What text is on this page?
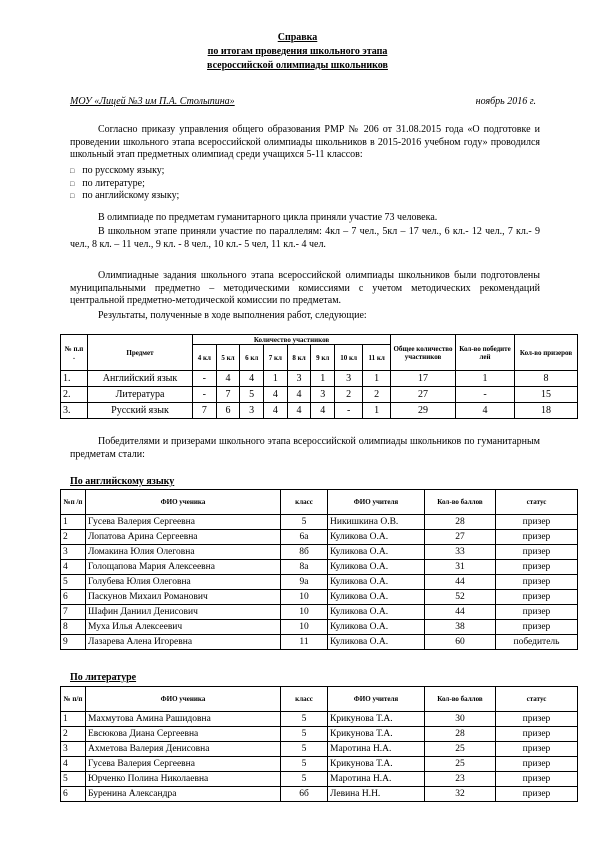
Справка
по итогам проведения школьного этапа
всероссийской олимпиады школьников
МОУ «Лицей №3 им П.А. Столыпина»	ноябрь 2016 г.
Согласно приказу управления общего образования РМР № 206 от 31.08.2015 года «О подготовке и проведении школьного этапа всероссийской олимпиады школьников в 2015-2016 учебном году» проводился школьный этап предметных олимпиад среди учащихся 5-11 классов:
□ по русскому языку;
□ по литературе;
□ по английскому языку;
В олимпиаде по предметам гуманитарного цикла приняли участие 73 человека.
В школьном этапе приняли участие по параллелям: 4кл – 7 чел., 5кл – 17 чел., 6 кл.- 12 чел., 7 кл.- 9 чел., 8 кл. – 11 чел., 9 кл. - 8 чел., 10 кл.- 5 чел, 11 кл.- 4 чел.
Олимпиадные задания школьного этапа всероссийской олимпиады школьников были подготовлены муниципальными предметно – методическими комиссиями с учетом методических рекомендаций центральной предметно-методической комиссии по предметам.
Результаты, полученные в ходе выполнения работ, следующие:
№ п.п .	Предмет	Количество участников								Общее количество участников	Кол-во победите лей	Кол-во призеров
		4 кл	5 кл	6 кл	7 кл	8 кл	9 кл	10 кл	11 кл			
1.	Английский язык	-	4	4	1	3	1	3	1	17	1	8
2.	Литература	-	7	5	4	4	3	2	2	27	-	15
3.	Русский язык	7	6	3	4	4	4	-	1	29	4	18
Победителями и призерами школьного этапа всероссийской олимпиады школьников по гуманитарным предметам стали:
По английскому языку
№п /п	ФИО ученика	класс	ФИО учителя	Кол-во баллов	статус
1	Гусева Валерия Сергеевна	5	Никишкина О.В.	28	призер
2	Лопатова Арина Сергеевна	6а	Куликова О.А.	27	призер
3	Ломакина Юлия Олеговна	8б	Куликова О.А.	33	призер
4	Голощапова Мария Алексеевна	8а	Куликова О.А.	31	призер
5	Голубева Юлия Олеговна	9а	Куликова О.А.	44	призер
6	Паскунов Михаил Романович	10	Куликова О.А.	52	призер
7	Шафин Даниил Денисович	10	Куликова О.А.	44	призер
8	Муха Илья Алексеевич	10	Куликова О.А.	38	призер
9	Лазарева Алена Игоревна	11	Куликова О.А.	60	победитель
По литературе
№ п/п	ФИО ученика	класс	ФИО учителя	Кол-во баллов	статус
1	Махмутова Амина Рашидовна	5	Крикунова Т.А.	30	призер
2	Евсюкова Диана Сергеевна	5	Крикунова Т.А.	28	призер
3	Ахметова Валерия Денисовна	5	Маротина Н.А.	25	призер
4	Гусева Валерия Сергеевна	5	Крикунова Т.А.	25	призер
5	Юрченко Полина Николаевна	5	Маротина Н.А.	23	призер
6	Буренина Александра	6б	Левина Н.Н.	32	призер
